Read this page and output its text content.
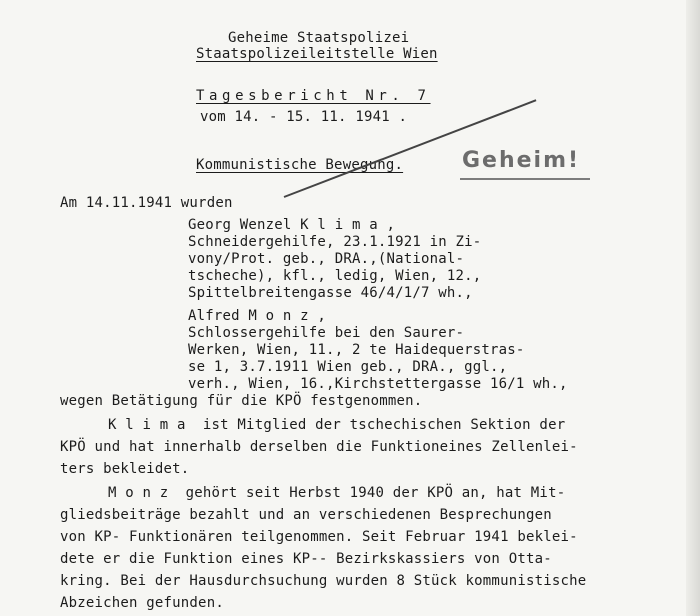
Geheime Staatspolizei
Staatspolizeileitstelle Wien
Tagesbericht Nr. 7
vom 14. - 15. 11. 1941 .
Kommunistische Bewegung.	Geheim!
Am 14.11.1941 wurden
Georg Wenzel K l i m a ,
Schneidergehilfe, 23.1.1921 in Zi-
vony/Prot. geb., DRA.,(National-
tscheche), kfl., ledig, Wien, 12.,
Spittelbreitengasse 46/4/1/7 wh.,
Alfred M o n z ,
Schlossergehilfe bei den Saurer-
Werken, Wien, 11., 2 te Haidequerstras-
se 1, 3.7.1911 Wien geb., DRA., ggl.,
verh., Wien, 16.,Kirchstettergasse 16/1 wh.,
wegen Betätigung für die KPÖ festgenommen.
K l i m a  ist Mitglied der tschechischen Sektion der
KPÖ und hat innerhalb derselben die Funktioneines Zellenlei-
ters bekleidet.
M o n z  gehört seit Herbst 1940 der KPÖ an, hat Mit-
gliedsbeiträge bezahlt und an verschiedenen Besprechungen
von KP- Funktionären teilgenommen. Seit Februar 1941 beklei-
dete er die Funktion eines KP-- Bezirkskassiers von Otta-
kring. Bei der Hausdurchsuchung wurden 8 Stück kommunistische
Abzeichen gefunden.
